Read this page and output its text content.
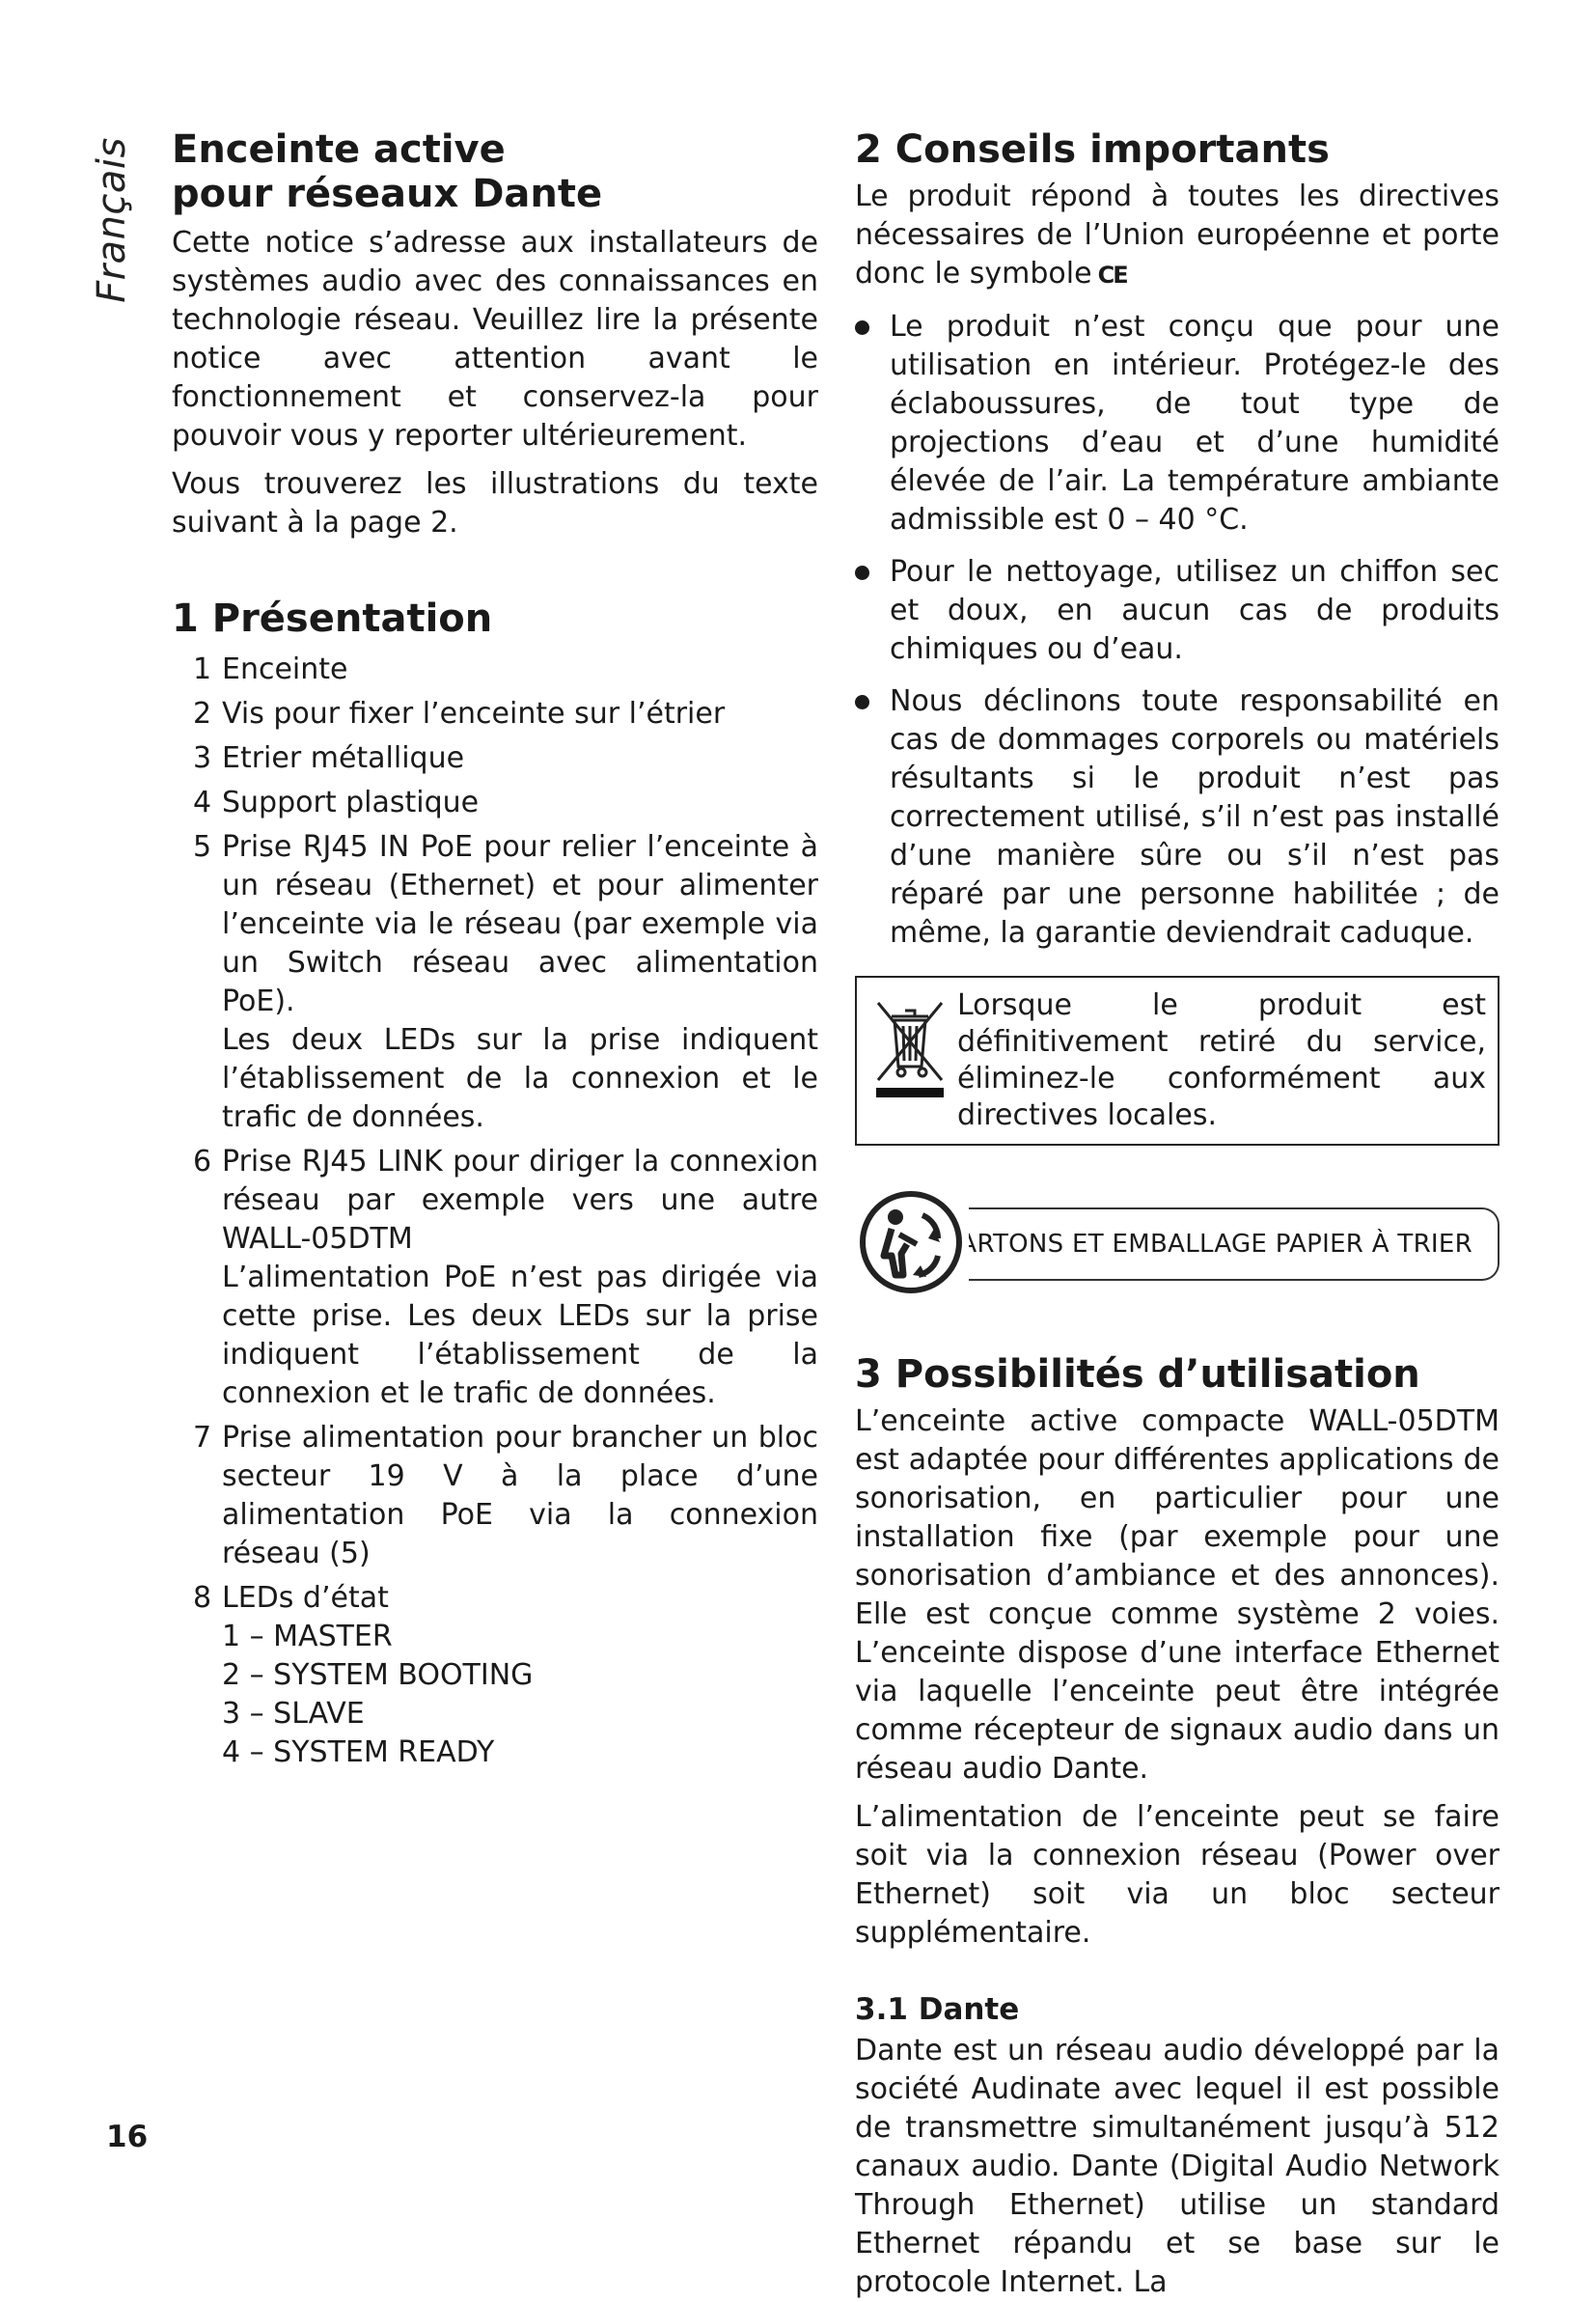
Français Enceinte active
pour réseaux Dante

Cette notice s’adresse aux installateurs de systèmes audio avec des connaissances en technologie réseau. Veuillez lire la présente notice avec attention avant le fonctionnement et conservez-la pour pouvoir vous y reporter ultérieurement.

Vous trouverez les illustrations du texte suivant à la page 2.

1 Présentation
1 Enceinte
2 Vis pour fixer l’enceinte sur l’étrier
3 Etrier métallique
4 Support plastique
5 Prise RJ45 IN PoE pour relier l’enceinte à un réseau (Ethernet) et pour alimenter l’enceinte via le réseau (par exemple via un Switch réseau avec alimentation PoE).
Les deux LEDs sur la prise indiquent l’établissement de la connexion et le trafic de données.
6 Prise RJ45 LINK pour diriger la connexion réseau par exemple vers une autre WALL-05DTM
L’alimentation PoE n’est pas dirigée via cette prise. Les deux LEDs sur la prise indiquent l’établissement de la connexion et le trafic de données.
7 Prise alimentation pour brancher un bloc secteur 19 V à la place d’une alimentation PoE via la connexion réseau (5)
8 LEDs d’état
1 – MASTER
2 – SYSTEM BOOTING
3 – SLAVE
4 – SYSTEM READY
2 Conseils importants

Le produit répond à toutes les directives nécessaires de l’Union européenne et porte donc le symbole CE

Le produit n’est conçu que pour une utilisation en intérieur. Protégez-le des éclaboussures, de tout type de projections d’eau et d’une humidité élevée de l’air. La température ambiante admissible est 0 – 40 °C.
Pour le nettoyage, utilisez un chiffon sec et doux, en aucun cas de produits chimiques ou d’eau.
Nous déclinons toute responsabilité en cas de dommages corporels ou matériels résultants si le produit n’est pas correctement utilisé, s’il n’est pas installé d’une manière sûre ou s’il n’est pas réparé par une personne habilitée ; de même, la garantie deviendrait caduque.
Lorsque le produit est définitivement retiré du service, éliminez-le conformément aux directives locales.
CARTONS ET EMBALLAGE PAPIER À TRIER
3 Possibilités d’utilisation

L’enceinte active compacte WALL-05DTM est adaptée pour différentes applications de sonorisation, en particulier pour une installation fixe (par exemple pour une sonorisation d’ambiance et des annonces). Elle est conçue comme système 2 voies. L’enceinte dispose d’une interface Ethernet via laquelle l’enceinte peut être intégrée comme récepteur de signaux audio dans un réseau audio Dante.

L’alimentation de l’enceinte peut se faire soit via la connexion réseau (Power over Ethernet) soit via un bloc secteur supplémentaire.

3.1 Dante

Dante est un réseau audio développé par la société Audinate avec lequel il est possible de transmettre simultanément jusqu’à 512 canaux audio. Dante (Digital Audio Network Through Ethernet) utilise un standard Ethernet répandu et se base sur le protocole Internet. La

16
